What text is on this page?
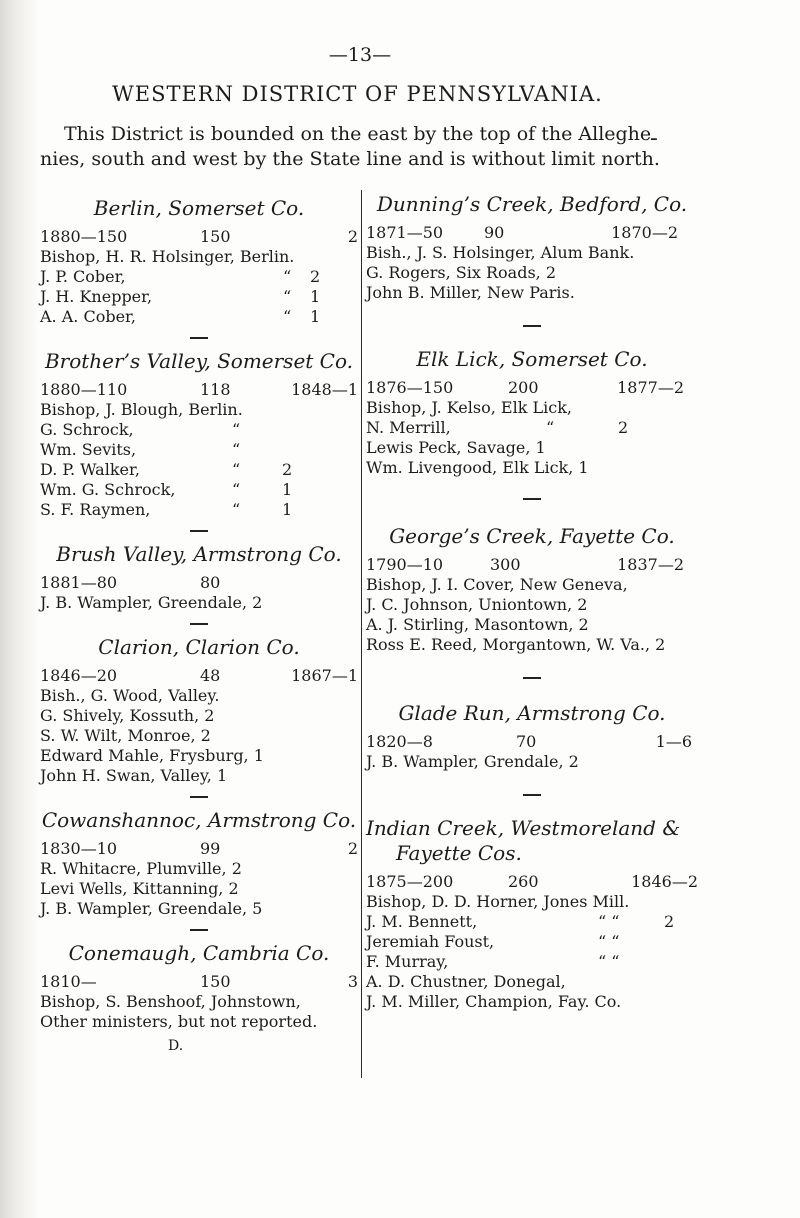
—13—
WESTERN DISTRICT OF PENNSYLVANIA.
This District is bounded on the east by the top of the Allegheـ
nies, south and west by the State line and is without limit north.
Berlin, Somerset Co.
1880—150	150	2
Bishop, H. R. Holsinger, Berlin.
J. P. Cober,	“ 2
J. H. Knepper,	“ 1
A. A. Cober,	“ 1
Brother’s Valley, Somerset Co.
1880—110	118	1848—1
Bishop, J. Blough, Berlin.
G. Schrock,	“
Wm. Sevits,	“
D. P. Walker,	“	2
Wm. G. Schrock,	“	1
S. F. Raymen,	“	1
Brush Valley, Armstrong Co.
1881—80	80
J. B. Wampler, Greendale, 2
Clarion, Clarion Co.
1846—20	48	1867—1
Bish., G. Wood, Valley.
G. Shively, Kossuth, 2
S. W. Wilt, Monroe, 2
Edward Mahle, Frysburg, 1
John H. Swan, Valley, 1
Cowanshannoc, Armstrong Co.
1830—10	99	2
R. Whitacre, Plumville, 2
Levi Wells, Kittanning, 2
J. B. Wampler, Greendale, 5
Conemaugh, Cambria Co.
1810—	150	3
Bishop, S. Benshoof, Johnstown,
Other ministers, but not reported.
D.
Dunning’s Creek, Bedford, Co.
1871—50	90	1870—2
Bish., J. S. Holsinger, Alum Bank.
G. Rogers, Six Roads, 2
John B. Miller, New Paris.
Elk Lick, Somerset Co.
1876—150	200	1877—2
Bishop, J. Kelso, Elk Lick,
N. Merrill,	“	2
Lewis Peck, Savage, 1
Wm. Livengood, Elk Lick, 1
George’s Creek, Fayette Co.
1790—10	300	1837—2
Bishop, J. I. Cover, New Geneva,
J. C. Johnson, Uniontown, 2
A. J. Stirling, Masontown, 2
Ross E. Reed, Morgantown, W. Va., 2
Glade Run, Armstrong Co.
1820—8	70	1—6
J. B. Wampler, Grendale, 2
Indian Creek, Westmoreland &
Fayette Cos.
1875—200	260	1846—2
Bishop, D. D. Horner, Jones Mill.
J. M. Bennett,	“ “	2
Jeremiah Foust,	“ “
F. Murray,	“ “
A. D. Chustner, Donegal,
J. M. Miller, Champion, Fay. Co.
